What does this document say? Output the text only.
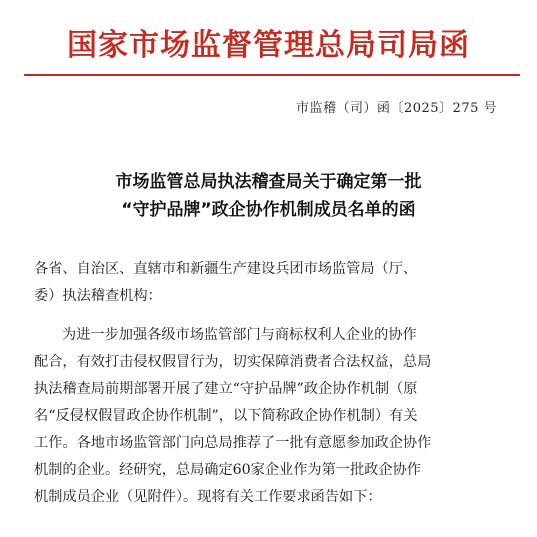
国家市场监督管理总局司局函
市监稽（司）函〔2025〕275 号
市场监管总局执法稽查局关于确定第一批
“守护品牌”政企协作机制成员名单的函
各省、自治区、直辖市和新疆生产建设兵团市场监管局（厅、
委）执法稽查机构：
为进一步加强各级市场监管部门与商标权利人企业的协作
配合，有效打击侵权假冒行为，切实保障消费者合法权益，总局
执法稽查局前期部署开展了建立“守护品牌”政企协作机制（原
名“反侵权假冒政企协作机制”，以下简称政企协作机制）有关
工作。各地市场监管部门向总局推荐了一批有意愿参加政企协作
机制的企业。经研究，总局确定60家企业作为第一批政企协作
机制成员企业（见附件）。现将有关工作要求函告如下：
